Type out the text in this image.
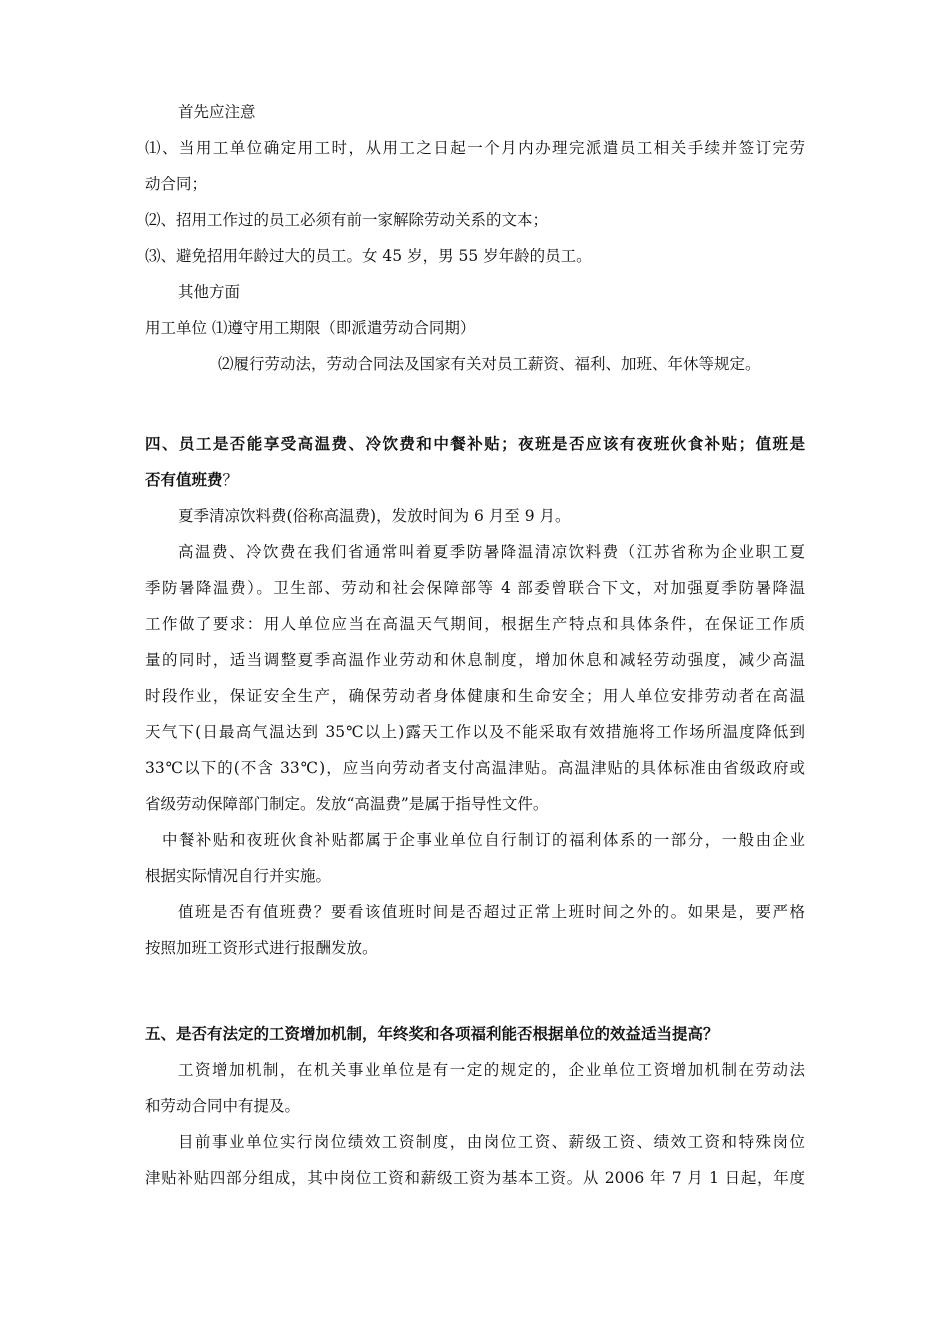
首先应注意
⑴、当用工单位确定用工时，从用工之日起一个月内办理完派遣员工相关手续并签订完劳
动合同；
⑵、招用工作过的员工必须有前一家解除劳动关系的文本；
⑶、避免招用年龄过大的员工。女 45 岁，男 55 岁年龄的员工。
其他方面
用工单位 ⑴遵守用工期限（即派遣劳动合同期）
⑵履行劳动法，劳动合同法及国家有关对员工薪资、福利、加班、年休等规定。
四、员工是否能享受高温费、冷饮费和中餐补贴；夜班是否应该有夜班伙食补贴；值班是
否有值班费？
夏季清凉饮料费(俗称高温费)，发放时间为 6 月至 9 月。
高温费、冷饮费在我们省通常叫着夏季防暑降温清凉饮料费（江苏省称为企业职工夏
季防暑降温费）。卫生部、劳动和社会保障部等 4 部委曾联合下文，对加强夏季防暑降温
工作做了要求：用人单位应当在高温天气期间，根据生产特点和具体条件，在保证工作质
量的同时，适当调整夏季高温作业劳动和休息制度，增加休息和减轻劳动强度，减少高温
时段作业，保证安全生产，确保劳动者身体健康和生命安全；用人单位安排劳动者在高温
天气下(日最高气温达到 35℃以上)露天工作以及不能采取有效措施将工作场所温度降低到
33℃以下的(不含 33℃)，应当向劳动者支付高温津贴。高温津贴的具体标准由省级政府或
省级劳动保障部门制定。发放“高温费”是属于指导性文件。
中餐补贴和夜班伙食补贴都属于企事业单位自行制订的福利体系的一部分，一般由企业
根据实际情况自行并实施。
值班是否有值班费？要看该值班时间是否超过正常上班时间之外的。如果是，要严格
按照加班工资形式进行报酬发放。
五、是否有法定的工资增加机制，年终奖和各项福利能否根据单位的效益适当提高？
工资增加机制，在机关事业单位是有一定的规定的，企业单位工资增加机制在劳动法
和劳动合同中有提及。
目前事业单位实行岗位绩效工资制度，由岗位工资、薪级工资、绩效工资和特殊岗位
津贴补贴四部分组成，其中岗位工资和薪级工资为基本工资。从 2006 年 7 月 1 日起，年度
